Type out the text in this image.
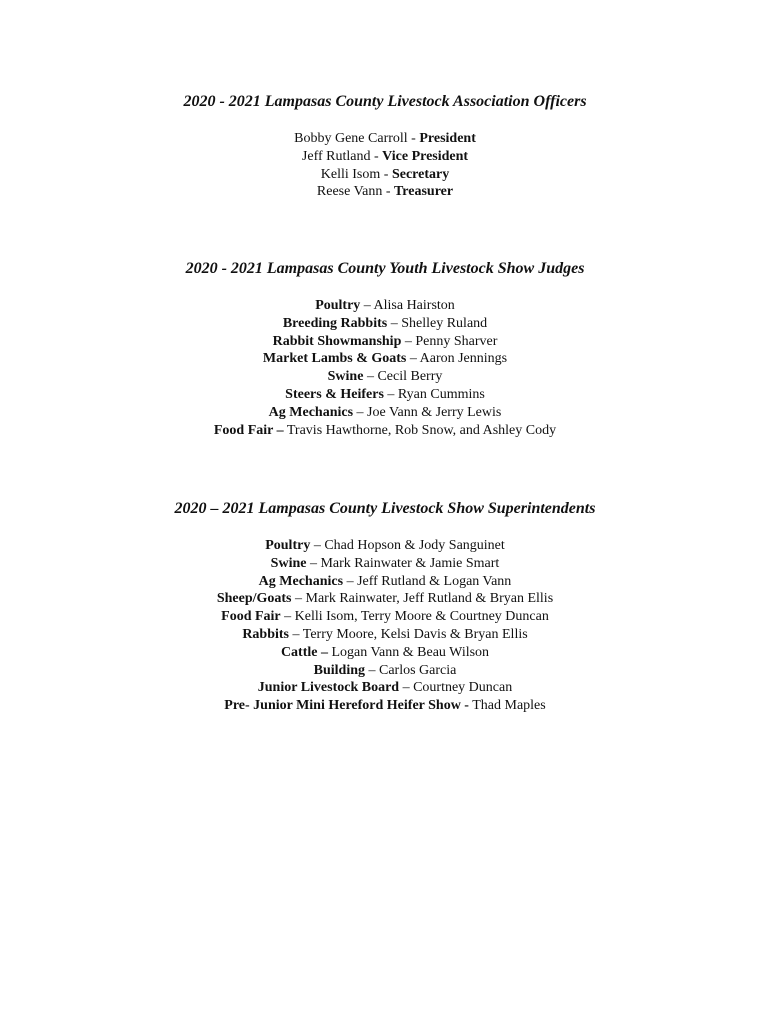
2020 - 2021 Lampasas County Livestock Association Officers
Bobby Gene Carroll - President
Jeff Rutland - Vice President
Kelli Isom - Secretary
Reese Vann - Treasurer
2020 - 2021 Lampasas County Youth Livestock Show Judges
Poultry – Alisa Hairston
Breeding Rabbits – Shelley Ruland
Rabbit Showmanship – Penny Sharver
Market Lambs & Goats – Aaron Jennings
Swine – Cecil Berry
Steers & Heifers – Ryan Cummins
Ag Mechanics – Joe Vann & Jerry Lewis
Food Fair – Travis Hawthorne, Rob Snow, and Ashley Cody
2020 – 2021 Lampasas County Livestock Show Superintendents
Poultry – Chad Hopson & Jody Sanguinet
Swine – Mark Rainwater & Jamie Smart
Ag Mechanics – Jeff Rutland & Logan Vann
Sheep/Goats – Mark Rainwater, Jeff Rutland & Bryan Ellis
Food Fair – Kelli Isom, Terry Moore & Courtney Duncan
Rabbits – Terry Moore, Kelsi Davis & Bryan Ellis
Cattle – Logan Vann & Beau Wilson
Building – Carlos Garcia
Junior Livestock Board – Courtney Duncan
Pre- Junior Mini Hereford Heifer Show - Thad Maples
